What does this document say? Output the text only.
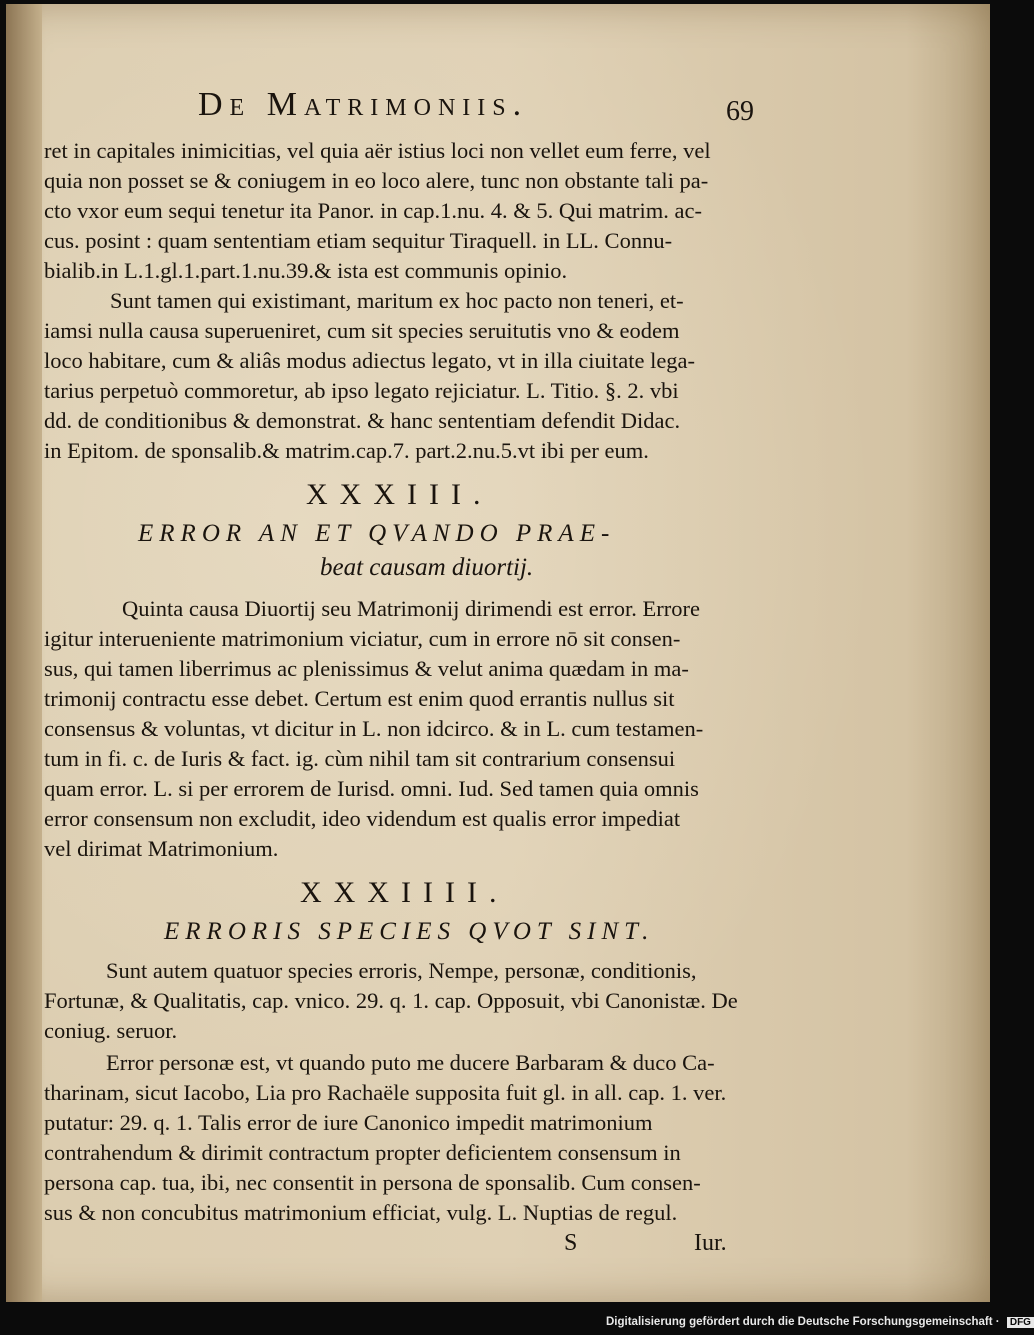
De Matrimoniis.	69
ret in capitales inimicitias, vel quia aër istius loci non vellet eum ferre, vel
quia non posset se & coniugem in eo loco alere, tunc non obstante tali pa-
cto vxor eum sequi tenetur ita Panor. in cap.1.nu. 4. & 5. Qui matrim. ac-
cus. posint : quam sententiam etiam sequitur Tiraquell. in LL. Connu-
bialib.in L.1.gl.1.part.1.nu.39.& ista est communis opinio.
Sunt tamen qui existimant, maritum ex hoc pacto non teneri, et-
iamsi nulla causa superueniret, cum sit species seruitutis vno & eodem
loco habitare, cum & aliâs modus adiectus legato, vt in illa ciuitate lega-
tarius perpetuò commoretur, ab ipso legato rejiciatur. L. Titio. §. 2. vbi
dd. de conditionibus & demonstrat. & hanc sententiam defendit Didac.
in Epitom. de sponsalib.& matrim.cap.7. part.2.nu.5.vt ibi per eum.
XXXIII.
ERROR AN ET QVANDO PRAE-
beat causam diuortij.
Quinta causa Diuortij seu Matrimonij dirimendi est error. Errore
igitur interueniente matrimonium viciatur, cum in errore nō sit consen-
sus, qui tamen liberrimus ac plenissimus & velut anima quædam in ma-
trimonij contractu esse debet. Certum est enim quod errantis nullus sit
consensus & voluntas, vt dicitur in L. non idcirco. & in L. cum testamen-
tum in fi. c. de Iuris & fact. ig. cùm nihil tam sit contrarium consensui
quam error. L. si per errorem de Iurisd. omni. Iud. Sed tamen quia omnis
error consensum non excludit, ideo videndum est qualis error impediat
vel dirimat Matrimonium.
XXXIIII.
ERRORIS SPECIES QVOT SINT.
Sunt autem quatuor species erroris, Nempe, personæ, conditionis,
Fortunæ, & Qualitatis, cap. vnico. 29. q. 1. cap. Opposuit, vbi Canonistæ. De
coniug. seruor.
Error personæ est, vt quando puto me ducere Barbaram & duco Ca-
tharinam, sicut Iacobo, Lia pro Rachaële supposita fuit gl. in all. cap. 1. ver.
putatur: 29. q. 1. Talis error de iure Canonico impedit matrimonium
contrahendum & dirimit contractum propter deficientem consensum in
persona cap. tua, ibi, nec consentit in persona de sponsalib. Cum consen-
sus & non concubitus matrimonium efficiat, vulg. L. Nuptias de regul.
S	Iur.
Digitalisierung gefördert durch die Deutsche Forschungsgemeinschaft · DFG
